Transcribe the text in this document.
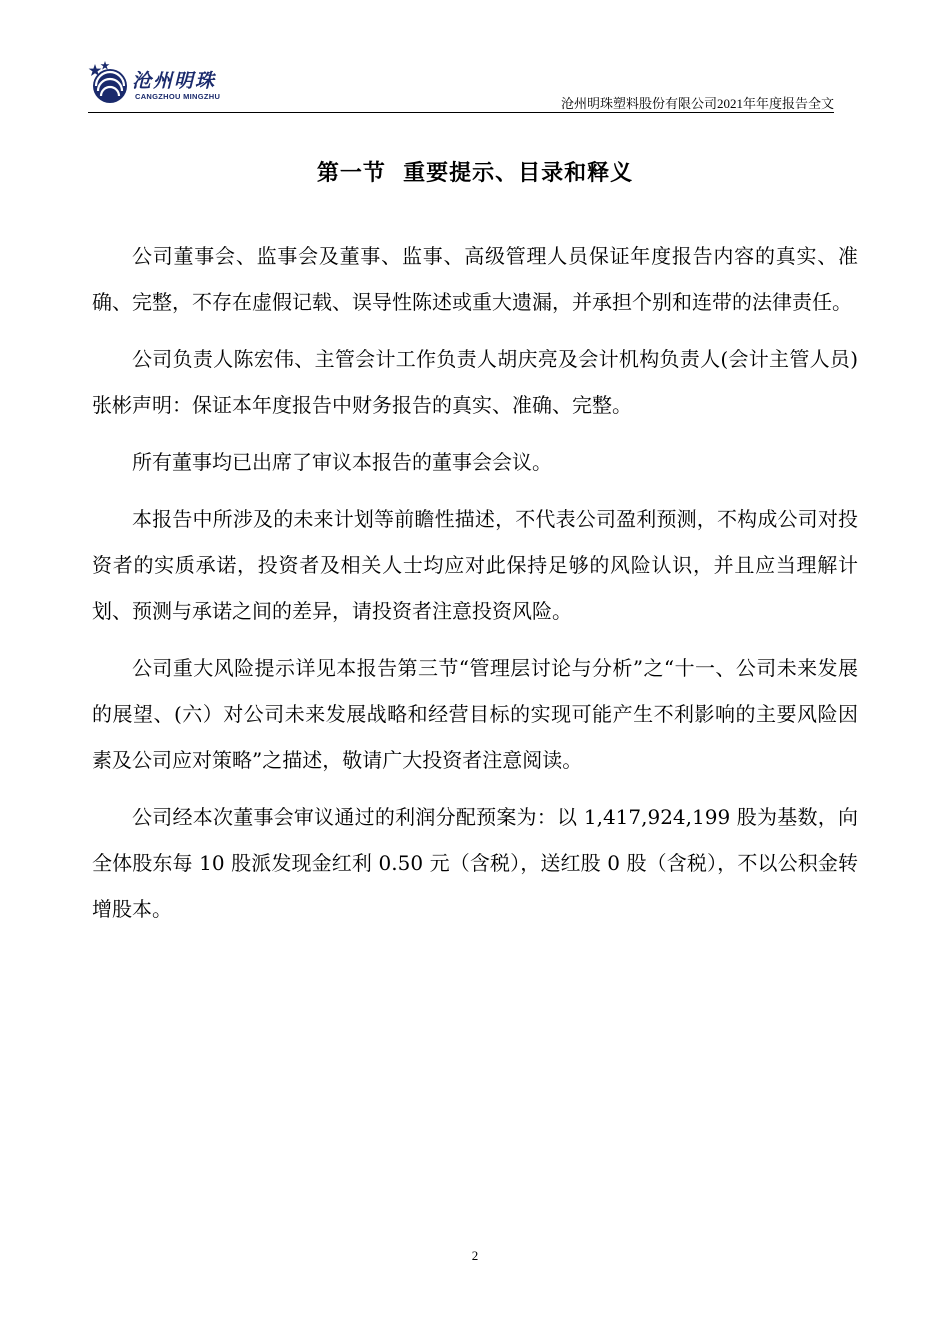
沧州明珠
CANGZHOU MINGZHU	沧州明珠塑料股份有限公司2021年年度报告全文
第一节  重要提示、目录和释义

公司董事会、监事会及董事、监事、高级管理人员保证年度报告内容的真实、准确、完整，不存在虚假记载、误导性陈述或重大遗漏，并承担个别和连带的法律责任。

公司负责人陈宏伟、主管会计工作负责人胡庆亮及会计机构负责人(会计主管人员)张彬声明：保证本年度报告中财务报告的真实、准确、完整。

所有董事均已出席了审议本报告的董事会会议。

本报告中所涉及的未来计划等前瞻性描述，不代表公司盈利预测，不构成公司对投资者的实质承诺，投资者及相关人士均应对此保持足够的风险认识，并且应当理解计划、预测与承诺之间的差异，请投资者注意投资风险。

公司重大风险提示详见本报告第三节“管理层讨论与分析”之“十一、公司未来发展的展望、(六）对公司未来发展战略和经营目标的实现可能产生不利影响的主要风险因素及公司应对策略”之描述，敬请广大投资者注意阅读。

公司经本次董事会审议通过的利润分配预案为：以 1,417,924,199 股为基数，向全体股东每 10 股派发现金红利 0.50 元（含税），送红股 0 股（含税），不以公积金转增股本。

2
